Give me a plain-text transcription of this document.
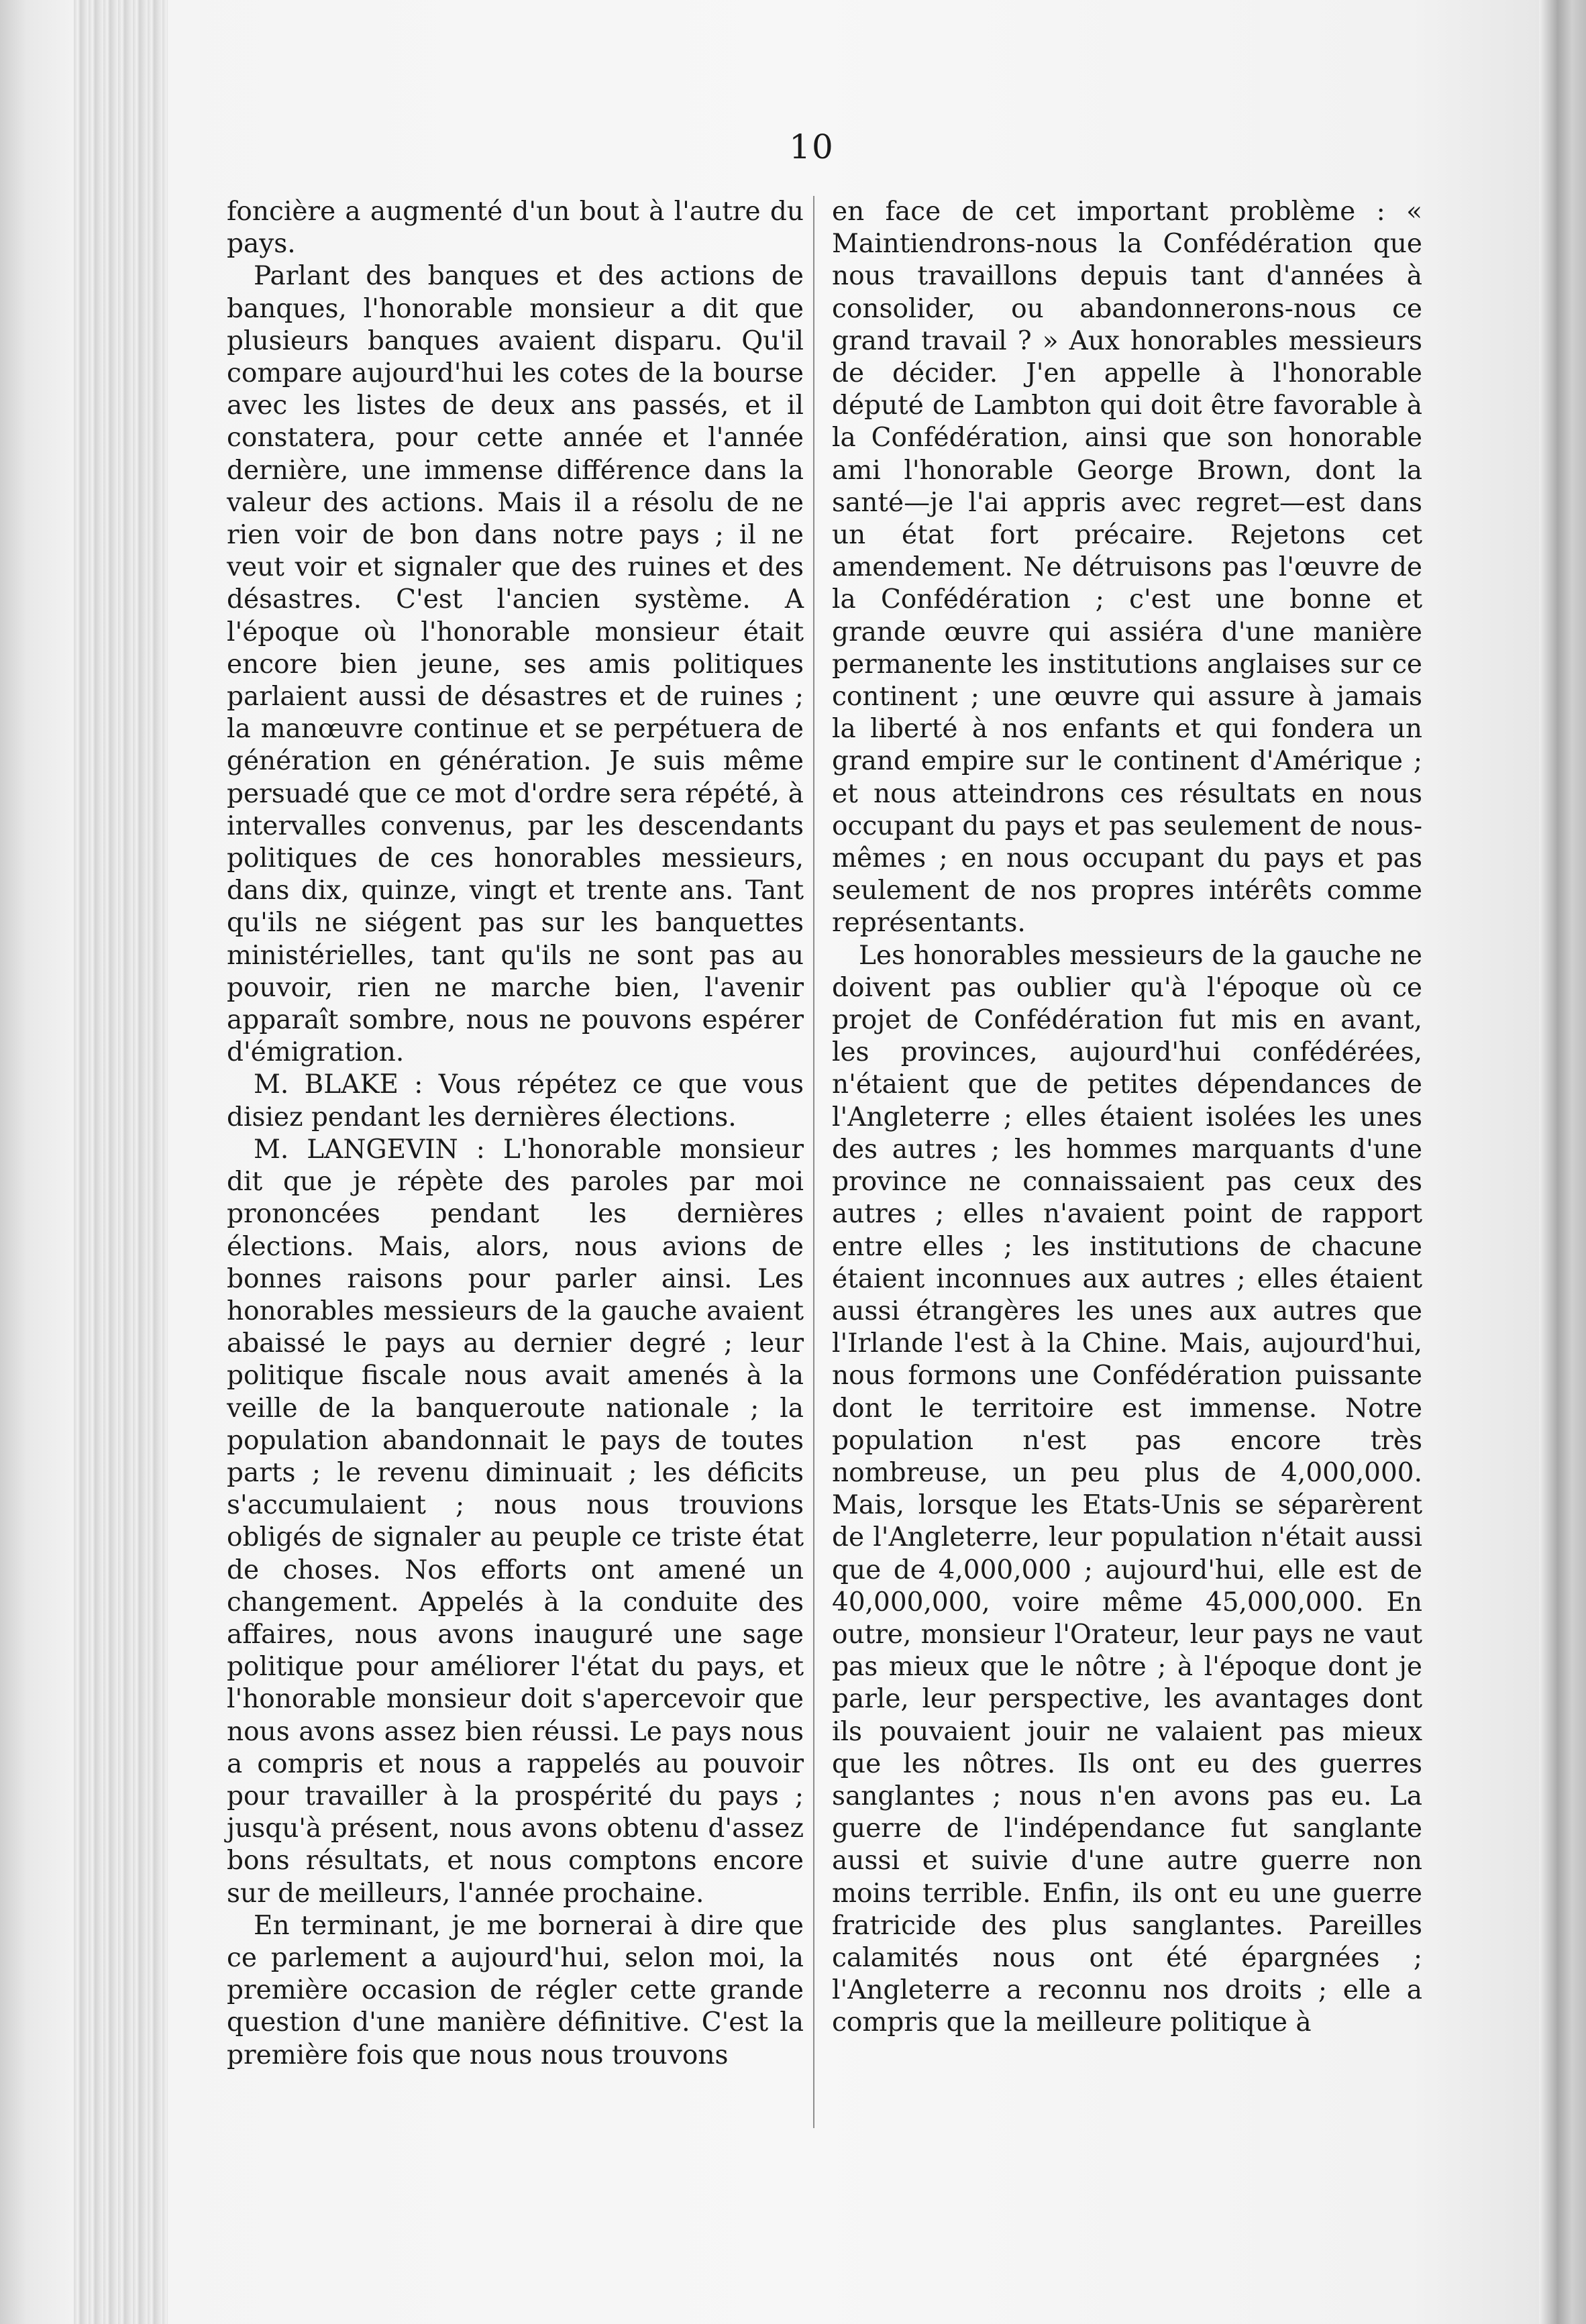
10

foncière a augmenté d'un bout à l'autre du pays.

Parlant des banques et des actions de banques, l'honorable monsieur a dit que plusieurs banques avaient disparu. Qu'il compare aujourd'hui les cotes de la bourse avec les listes de deux ans passés, et il constatera, pour cette année et l'année dernière, une immense différence dans la valeur des actions. Mais il a résolu de ne rien voir de bon dans notre pays ; il ne veut voir et signaler que des ruines et des désastres. C'est l'ancien système. A l'époque où l'honorable monsieur était encore bien jeune, ses amis politiques parlaient aussi de désastres et de ruines ; la manœuvre continue et se perpétuera de génération en génération. Je suis même persuadé que ce mot d'ordre sera répété, à intervalles convenus, par les descendants politiques de ces honorables messieurs, dans dix, quinze, vingt et trente ans. Tant qu'ils ne siégent pas sur les banquettes ministérielles, tant qu'ils ne sont pas au pouvoir, rien ne marche bien, l'avenir apparaît sombre, nous ne pouvons espérer d'émigration.

M. BLAKE : Vous répétez ce que vous disiez pendant les dernières élections.

M. LANGEVIN : L'honorable monsieur dit que je répète des paroles par moi prononcées pendant les dernières élections. Mais, alors, nous avions de bonnes raisons pour parler ainsi. Les honorables messieurs de la gauche avaient abaissé le pays au dernier degré ; leur politique fiscale nous avait amenés à la veille de la banqueroute nationale ; la population abandonnait le pays de toutes parts ; le revenu diminuait ; les déficits s'accumulaient ; nous nous trouvions obligés de signaler au peuple ce triste état de choses. Nos efforts ont amené un changement. Appelés à la conduite des affaires, nous avons inauguré une sage politique pour améliorer l'état du pays, et l'honorable monsieur doit s'apercevoir que nous avons assez bien réussi. Le pays nous a compris et nous a rappelés au pouvoir pour travailler à la prospérité du pays ; jusqu'à présent, nous avons obtenu d'assez bons résultats, et nous comptons encore sur de meilleurs, l'année prochaine.

En terminant, je me bornerai à dire que ce parlement a aujourd'hui, selon moi, la première occasion de régler cette grande question d'une manière définitive. C'est la première fois que nous nous trouvons

en face de cet important problème : « Maintiendrons-nous la Confédération que nous travaillons depuis tant d'années à consolider, ou abandonnerons-nous ce grand travail ? » Aux honorables messieurs de décider. J'en appelle à l'honorable député de Lambton qui doit être favorable à la Confédération, ainsi que son honorable ami l'honorable George Brown, dont la santé—je l'ai appris avec regret—est dans un état fort précaire. Rejetons cet amendement. Ne détruisons pas l'œuvre de la Confédération ; c'est une bonne et grande œuvre qui assiéra d'une manière permanente les institutions anglaises sur ce continent ; une œuvre qui assure à jamais la liberté à nos enfants et qui fondera un grand empire sur le continent d'Amérique ; et nous atteindrons ces résultats en nous occupant du pays et pas seulement de nous-mêmes ; en nous occupant du pays et pas seulement de nos propres intérêts comme représentants.

Les honorables messieurs de la gauche ne doivent pas oublier qu'à l'époque où ce projet de Confédération fut mis en avant, les provinces, aujourd'hui confédérées, n'étaient que de petites dépendances de l'Angleterre ; elles étaient isolées les unes des autres ; les hommes marquants d'une province ne connaissaient pas ceux des autres ; elles n'avaient point de rapport entre elles ; les institutions de chacune étaient inconnues aux autres ; elles étaient aussi étrangères les unes aux autres que l'Irlande l'est à la Chine. Mais, aujourd'hui, nous formons une Confédération puissante dont le territoire est immense. Notre population n'est pas encore très nombreuse, un peu plus de 4,000,000. Mais, lorsque les Etats-Unis se séparèrent de l'Angleterre, leur population n'était aussi que de 4,000,000 ; aujourd'hui, elle est de 40,000,000, voire même 45,000,000. En outre, monsieur l'Orateur, leur pays ne vaut pas mieux que le nôtre ; à l'époque dont je parle, leur perspective, les avantages dont ils pouvaient jouir ne valaient pas mieux que les nôtres. Ils ont eu des guerres sanglantes ; nous n'en avons pas eu. La guerre de l'indépendance fut sanglante aussi et suivie d'une autre guerre non moins terrible. Enfin, ils ont eu une guerre fratricide des plus sanglantes. Pareilles calamités nous ont été épargnées ; l'Angleterre a reconnu nos droits ; elle a compris que la meilleure politique à
